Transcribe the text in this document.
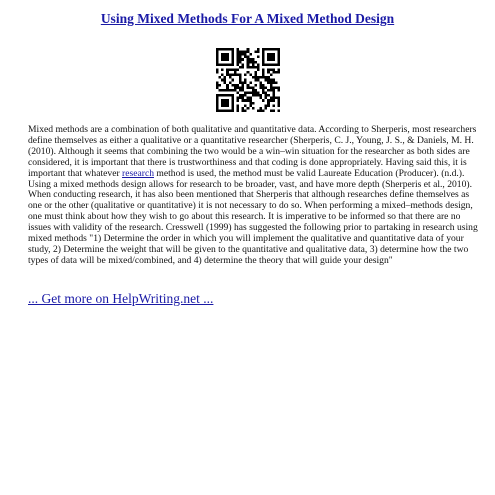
Using Mixed Methods For A Mixed Method Design

Mixed methods are a combination of both qualitative and quantitative data. According to Sherperis, most researchers define themselves as either a qualitative or a quantitative researcher (Sherperis, C. J., Young, J. S., & Daniels, M. H. (2010). Although it seems that combining the two would be a win–win situation for the researcher as both sides are considered, it is important that there is trustworthiness and that coding is done appropriately. Having said this, it is important that whatever research method is used, the method must be valid Laureate Education (Producer). (n.d.). Using a mixed methods design allows for research to be broader, vast, and have more depth (Sherperis et al., 2010). When conducting research, it has also been mentioned that Sherperis that although researches define themselves as one or the other (qualitative or quantitative) it is not necessary to do so. When performing a mixed–methods design, one must think about how they wish to go about this research. It is imperative to be informed so that there are no issues with validity of the research. Cresswell (1999) has suggested the following prior to partaking in research using mixed methods "1) Determine the order in which you will implement the qualitative and quantitative data of your study, 2) Determine the weight that will be given to the quantitative and qualitative data, 3) determine how the two types of data will be mixed/combined, and 4) determine the theory that will guide your design"

... Get more on HelpWriting.net ...
